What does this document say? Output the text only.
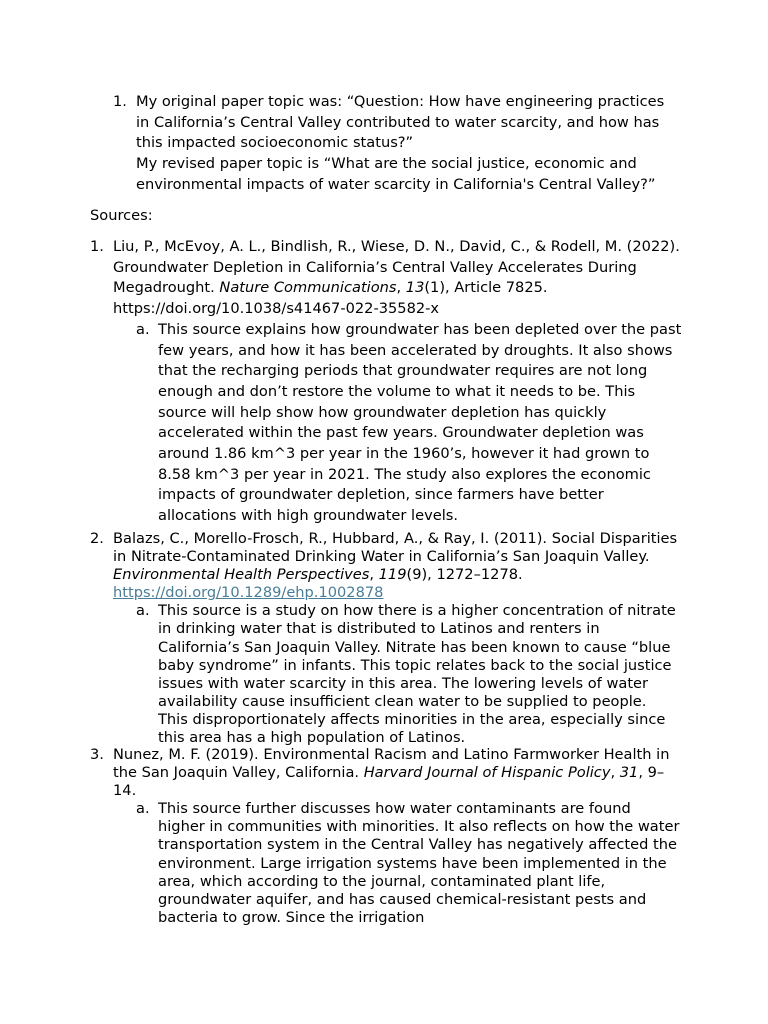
1. My original paper topic was: “Question: How have engineering practices in California’s Central Valley contributed to water scarcity, and how has this impacted socioeconomic status?”

My revised paper topic is “What are the social justice, economic and environmental impacts of water scarcity in California's Central Valley?”

Sources:
1. Liu, P., McEvoy, A. L., Bindlish, R., Wiese, D. N., David, C., & Rodell, M. (2022). Groundwater Depletion in California’s Central Valley Accelerates During Megadrought. Nature Communications, 13(1), Article 7825. https://doi.org/10.1038/s41467-022-35582-x

a. This source explains how groundwater has been depleted over the past few years, and how it has been accelerated by droughts. It also shows that the recharging periods that groundwater requires are not long enough and don’t restore the volume to what it needs to be. This source will help show how groundwater depletion has quickly accelerated within the past few years. Groundwater depletion was around 1.86 km^3 per year in the 1960’s, however it had grown to 8.58 km^3 per year in 2021. The study also explores the economic impacts of groundwater depletion, since farmers have better allocations with high groundwater levels.

2. Balazs, C., Morello-Frosch, R., Hubbard, A., & Ray, I. (2011). Social Disparities in Nitrate-Contaminated Drinking Water in California’s San Joaquin Valley. Environmental Health Perspectives, 119(9), 1272–1278.
https://doi.org/10.1289/ehp.1002878

a. This source is a study on how there is a higher concentration of nitrate in drinking water that is distributed to Latinos and renters in California’s San Joaquin Valley. Nitrate has been known to cause “blue baby syndrome” in infants. This topic relates back to the social justice issues with water scarcity in this area. The lowering levels of water availability cause insufficient clean water to be supplied to people. This disproportionately affects minorities in the area, especially since this area has a high population of Latinos.

3. Nunez, M. F. (2019). Environmental Racism and Latino Farmworker Health in the San Joaquin Valley, California. Harvard Journal of Hispanic Policy, 31, 9–14.

a. This source further discusses how water contaminants are found higher in communities with minorities. It also reflects on how the water transportation system in the Central Valley has negatively affected the environment. Large irrigation systems have been implemented in the area, which according to the journal, contaminated plant life, groundwater aquifer, and has caused chemical-resistant pests and bacteria to grow. Since the irrigation
